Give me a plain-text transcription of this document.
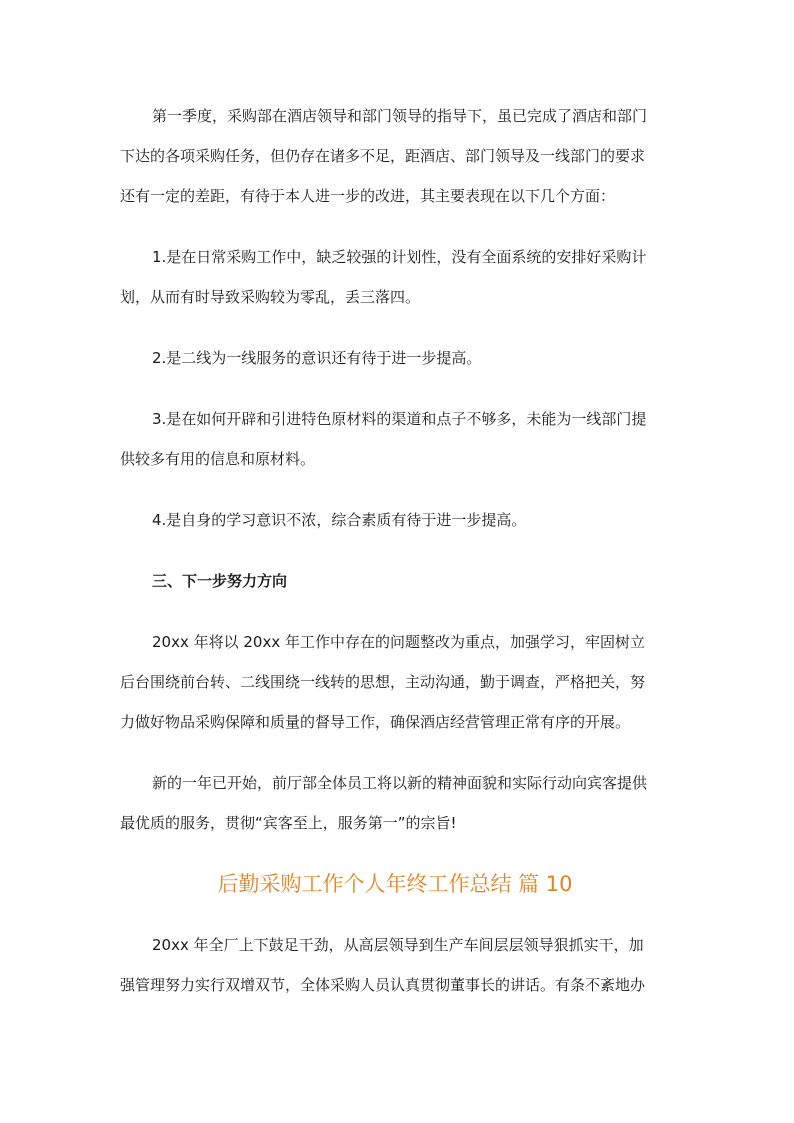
第一季度，采购部在酒店领导和部门领导的指导下，虽已完成了酒店和部门
下达的各项采购任务，但仍存在诸多不足，距酒店、部门领导及一线部门的要求
还有一定的差距，有待于本人进一步的改进，其主要表现在以下几个方面：

1.是在日常采购工作中，缺乏较强的计划性，没有全面系统的安排好采购计
划，从而有时导致采购较为零乱，丢三落四。

2.是二线为一线服务的意识还有待于进一步提高。

3.是在如何开辟和引进特色原材料的渠道和点子不够多，未能为一线部门提
供较多有用的信息和原材料。

4.是自身的学习意识不浓，综合素质有待于进一步提高。

三、下一步努力方向

20xx 年将以 20xx 年工作中存在的问题整改为重点，加强学习，牢固树立
后台围绕前台转、二线围绕一线转的思想，主动沟通，勤于调查，严格把关，努
力做好物品采购保障和质量的督导工作，确保酒店经营管理正常有序的开展。

新的一年已开始，前厅部全体员工将以新的精神面貌和实际行动向宾客提供
最优质的服务，贯彻“宾客至上，服务第一”的宗旨!

后勤采购工作个人年终工作总结 篇 10

20xx 年全厂上下鼓足干劲，从高层领导到生产车间层层领导狠抓实干，加
强管理努力实行双增双节，全体采购人员认真贯彻董事长的讲话。有条不紊地办
